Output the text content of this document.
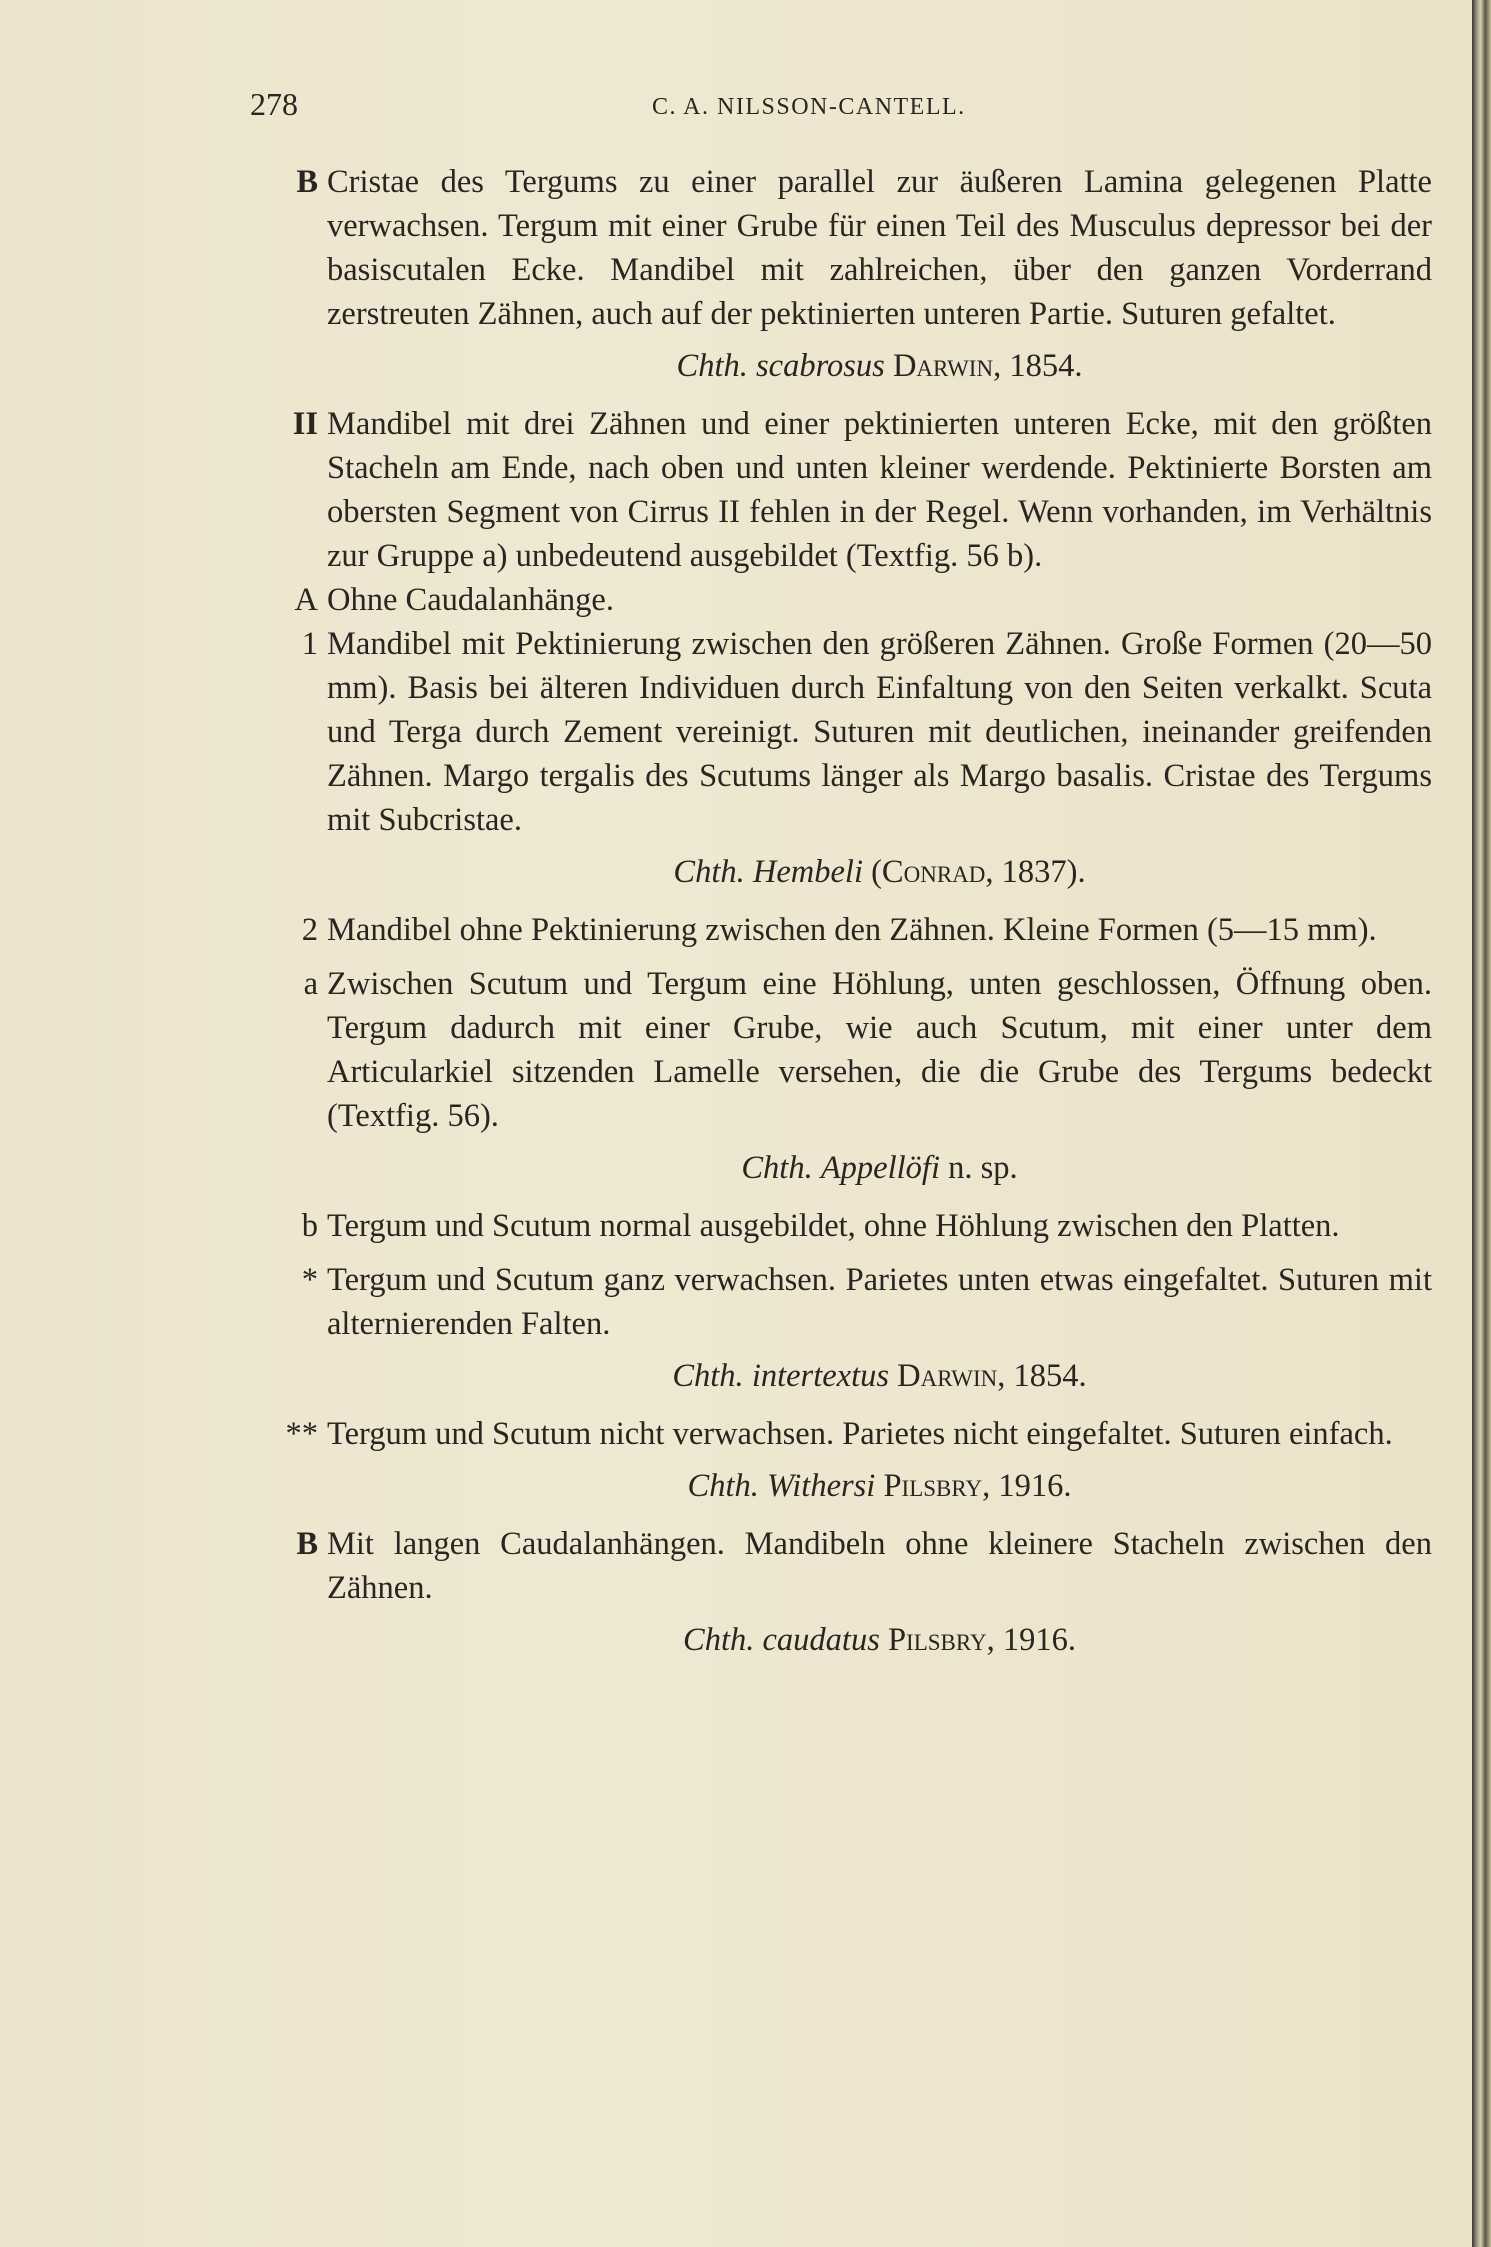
278	C. A. NILSSON-CANTELL.
B Cristae des Tergums zu einer parallel zur äußeren Lamina gelegenen Platte verwachsen. Tergum mit einer Grube für einen Teil des Musculus depressor bei der basiscutalen Ecke. Mandibel mit zahlreichen, über den ganzen Vorderrand zerstreuten Zähnen, auch auf der pektinierten unteren Partie. Suturen gefaltet.
Chth. scabrosus Darwin, 1854.
II Mandibel mit drei Zähnen und einer pektinierten unteren Ecke, mit den größten Stacheln am Ende, nach oben und unten kleiner werdende. Pektinierte Borsten am obersten Segment von Cirrus II fehlen in der Regel. Wenn vorhanden, im Verhältnis zur Gruppe a) unbedeutend ausgebildet (Textfig. 56 b).
A Ohne Caudalanhänge.
1 Mandibel mit Pektinierung zwischen den größeren Zähnen. Große Formen (20—50 mm). Basis bei älteren Individuen durch Einfaltung von den Seiten verkalkt. Scuta und Terga durch Zement vereinigt. Suturen mit deutlichen, ineinander greifenden Zähnen. Margo tergalis des Scutums länger als Margo basalis. Cristae des Tergums mit Subcristae.
Chth. Hembeli (Conrad, 1837).
2 Mandibel ohne Pektinierung zwischen den Zähnen. Kleine Formen (5—15 mm).
a Zwischen Scutum und Tergum eine Höhlung, unten geschlossen, Öffnung oben. Tergum dadurch mit einer Grube, wie auch Scutum, mit einer unter dem Articularkiel sitzenden Lamelle versehen, die die Grube des Tergums bedeckt (Textfig. 56).
Chth. Appellöfi n. sp.
b Tergum und Scutum normal ausgebildet, ohne Höhlung zwischen den Platten.
* Tergum und Scutum ganz verwachsen. Parietes unten etwas eingefaltet. Suturen mit alternierenden Falten.
Chth. intertextus Darwin, 1854.
** Tergum und Scutum nicht verwachsen. Parietes nicht eingefaltet. Suturen einfach.
Chth. Withersi Pilsbry, 1916.
B Mit langen Caudalanhängen. Mandibeln ohne kleinere Stacheln zwischen den Zähnen.
Chth. caudatus Pilsbry, 1916.
